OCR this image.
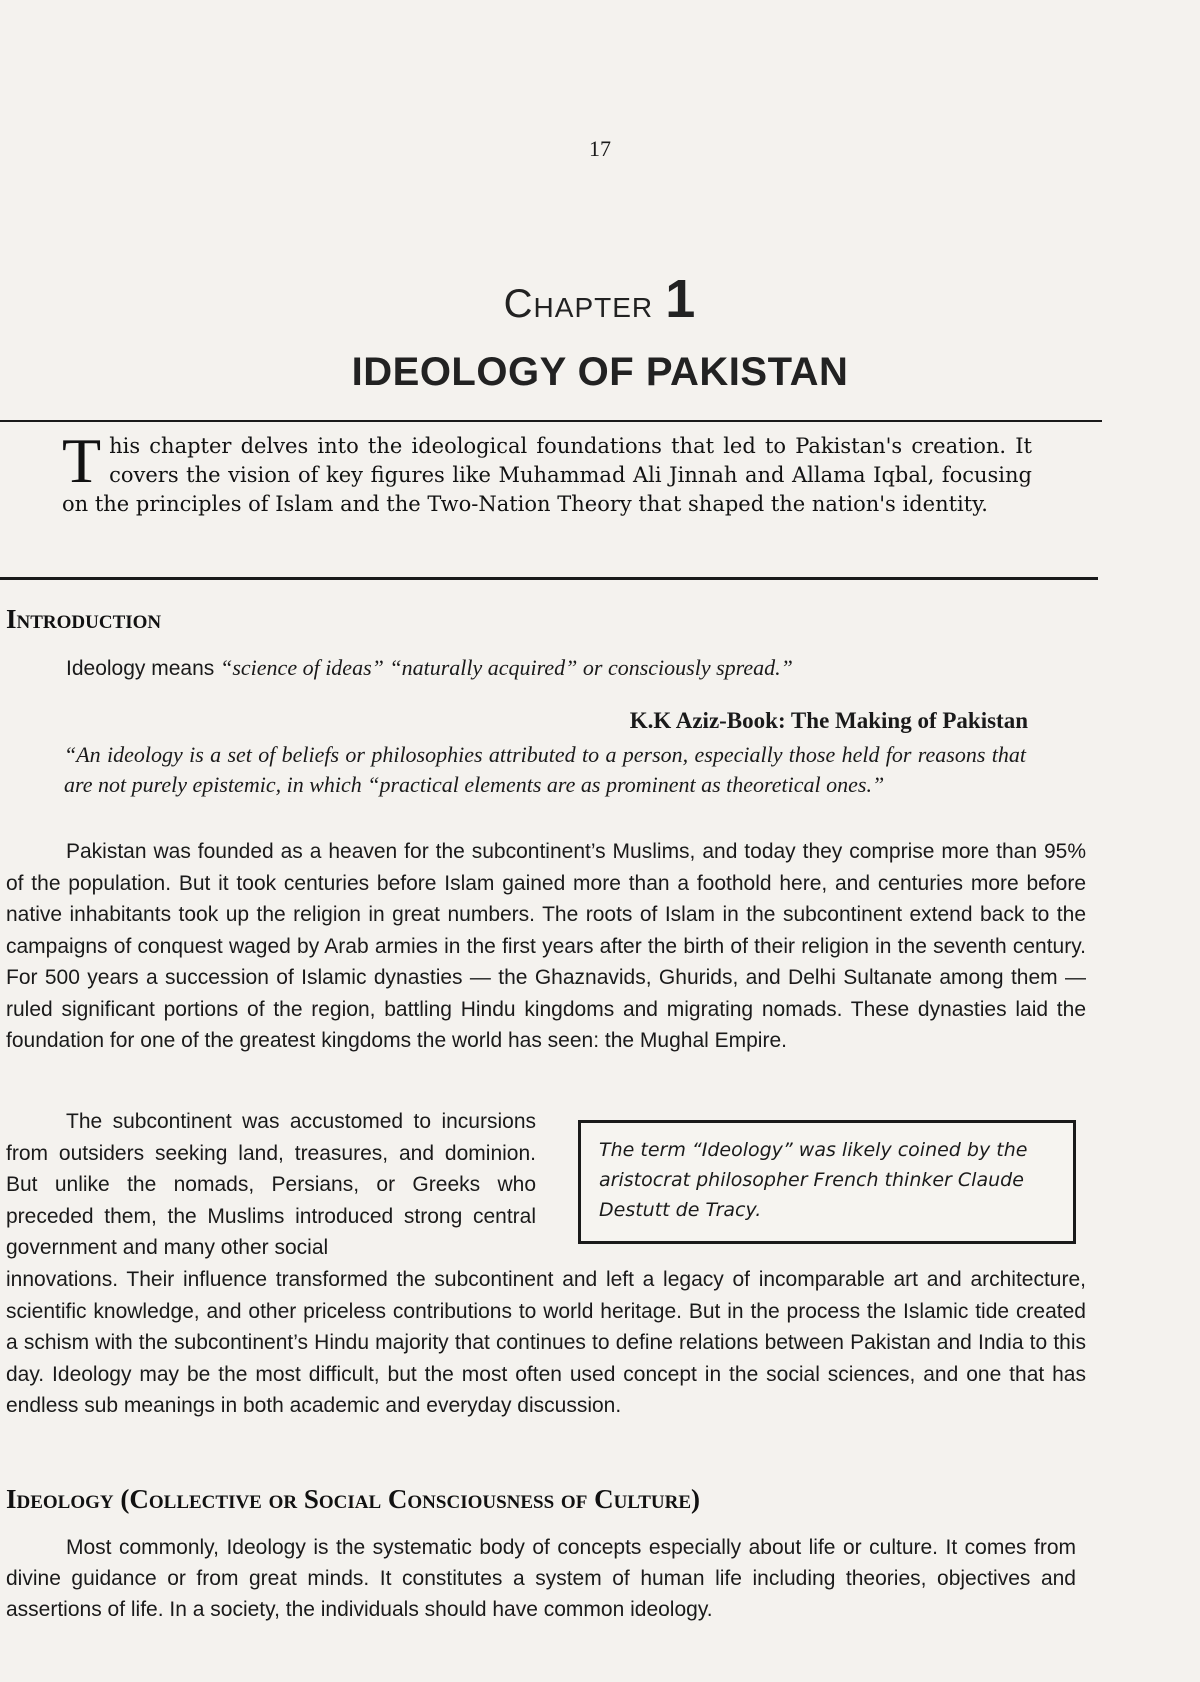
17
Chapter 1
IDEOLOGY OF PAKISTAN
T his chapter delves into the ideological foundations that led to Pakistan's creation. It covers the vision of key figures like Muhammad Ali Jinnah and Allama Iqbal, focusing on the principles of Islam and the Two-Nation Theory that shaped the nation's identity.
Introduction
Ideology means “science of ideas” “naturally acquired” or consciously spread.”
K.K Aziz-Book: The Making of Pakistan
“An ideology is a set of beliefs or philosophies attributed to a person, especially those held for reasons that are not purely epistemic, in which “practical elements are as prominent as theoretical ones.”
Pakistan was founded as a heaven for the subcontinent’s Muslims, and today they comprise more than 95% of the population. But it took centuries before Islam gained more than a foothold here, and centuries more before native inhabitants took up the religion in great numbers. The roots of Islam in the subcontinent extend back to the campaigns of conquest waged by Arab armies in the first years after the birth of their religion in the seventh century. For 500 years a succession of Islamic dynasties — the Ghaznavids, Ghurids, and Delhi Sultanate among them — ruled significant portions of the region, battling Hindu kingdoms and migrating nomads. These dynasties laid the foundation for one of the greatest kingdoms the world has seen: the Mughal Empire.
The subcontinent was accustomed to incursions from outsiders seeking land, treasures, and dominion. But unlike the nomads, Persians, or Greeks who preceded them, the Muslims introduced strong central government and many other social
The term “Ideology” was likely coined by the aristocrat philosopher French thinker Claude Destutt de Tracy.
innovations. Their influence transformed the subcontinent and left a legacy of incomparable art and architecture, scientific knowledge, and other priceless contributions to world heritage. But in the process the Islamic tide created a schism with the subcontinent’s Hindu majority that continues to define relations between Pakistan and India to this day. Ideology may be the most difficult, but the most often used concept in the social sciences, and one that has endless sub meanings in both academic and everyday discussion.
Ideology (Collective or Social Consciousness of Culture)
Most commonly, Ideology is the systematic body of concepts especially about life or culture. It comes from divine guidance or from great minds. It constitutes a system of human life including theories, objectives and assertions of life. In a society, the individuals should have common ideology.
